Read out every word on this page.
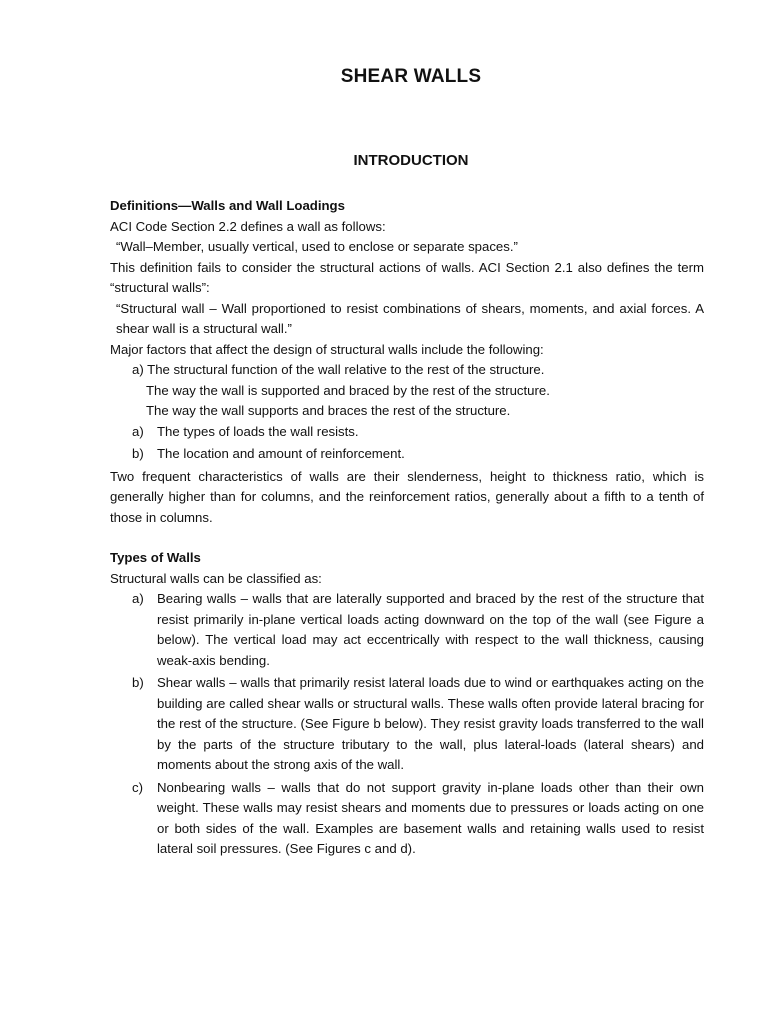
SHEAR WALLS
INTRODUCTION

Definitions—Walls and Wall Loadings

ACI Code Section 2.2 defines a wall as follows:

“Wall–Member, usually vertical, used to enclose or separate spaces.”

This definition fails to consider the structural actions of walls. ACI Section 2.1 also defines the term “structural walls”:

“Structural wall – Wall proportioned to resist combinations of shears, moments, and axial forces. A shear wall is a structural wall.”

Major factors that affect the design of structural walls include the following:

a) The structural function of the wall relative to the rest of the structure.

The way the wall is supported and braced by the rest of the structure.

The way the wall supports and braces the rest of the structure.

a)	The types of loads the wall resists.
b)	The location and amount of reinforcement.

Two frequent characteristics of walls are their slenderness, height to thickness ratio, which is generally higher than for columns, and the reinforcement ratios, generally about a fifth to a tenth of those in columns.

Types of Walls

Structural walls can be classified as:

a)	Bearing walls – walls that are laterally supported and braced by the rest of the structure that resist primarily in-plane vertical loads acting downward on the top of the wall (see Figure a below). The vertical load may act eccentrically with respect to the wall thickness, causing weak-axis bending.
b)	Shear walls – walls that primarily resist lateral loads due to wind or earthquakes acting on the building are called shear walls or structural walls. These walls often provide lateral bracing for the rest of the structure. (See Figure b below). They resist gravity loads transferred to the wall by the parts of the structure tributary to the wall, plus lateral-loads (lateral shears) and moments about the strong axis of the wall.
c)	Nonbearing walls – walls that do not support gravity in-plane loads other than their own weight. These walls may resist shears and moments due to pressures or loads acting on one or both sides of the wall. Examples are basement walls and retaining walls used to resist lateral soil pressures. (See Figures c and d).
